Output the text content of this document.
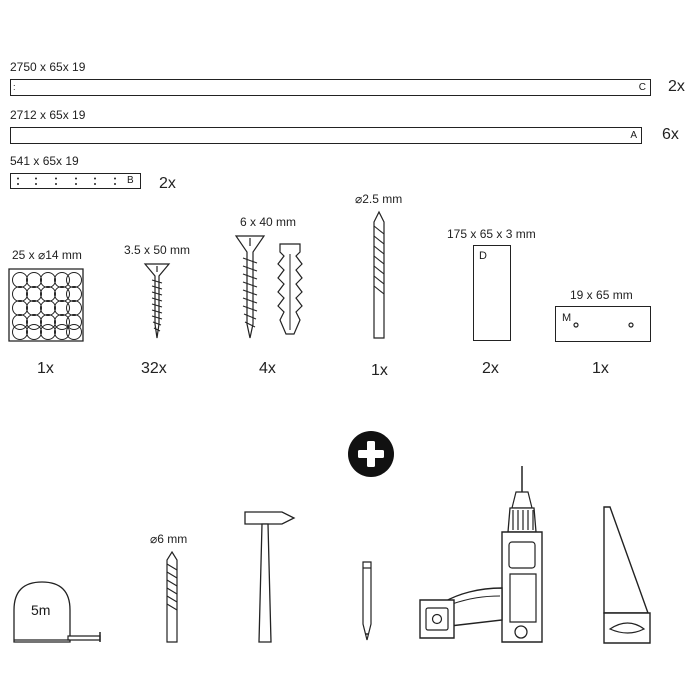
2750 x 65x 19
:	C 2x
2712 x 65x 19
A 6x
541 x 65x 19
B 2x
25 x ⌀14 mm
1x
3.5 x 50 mm
32x
6 x 40 mm
4x
⌀2.5 mm
1x
175 x 65 x 3 mm
D
2x
19 x 65 mm
M
1x
5m
⌀6 mm
